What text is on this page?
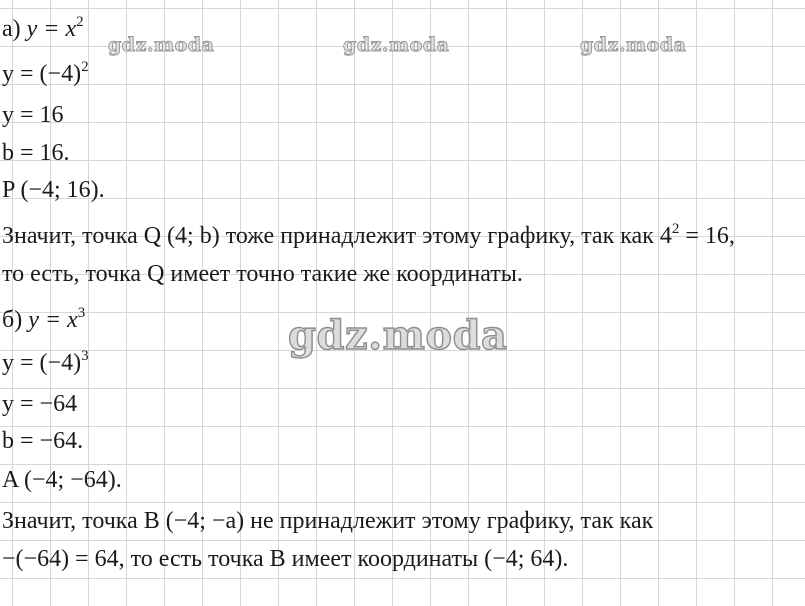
gdz.moda	gdz.moda	gdz.moda
gdz.moda
а) $y = x^2$
$y = (-4)^2$
y = 16
b = 16.
P (−4; 16).
Значит, точка Q (4; b) тоже принадлежит этому графику, так как $4^2 = 16$,
то есть, точка Q имеет точно такие же координаты.
б) $y = x^3$
$y = (-4)^3$
y = −64
b = −64.
A (−4; −64).
Значит, точка B (−4; −a) не принадлежит этому графику, так как
−(−64) = 64, то есть точка B имеет координаты (−4; 64).
